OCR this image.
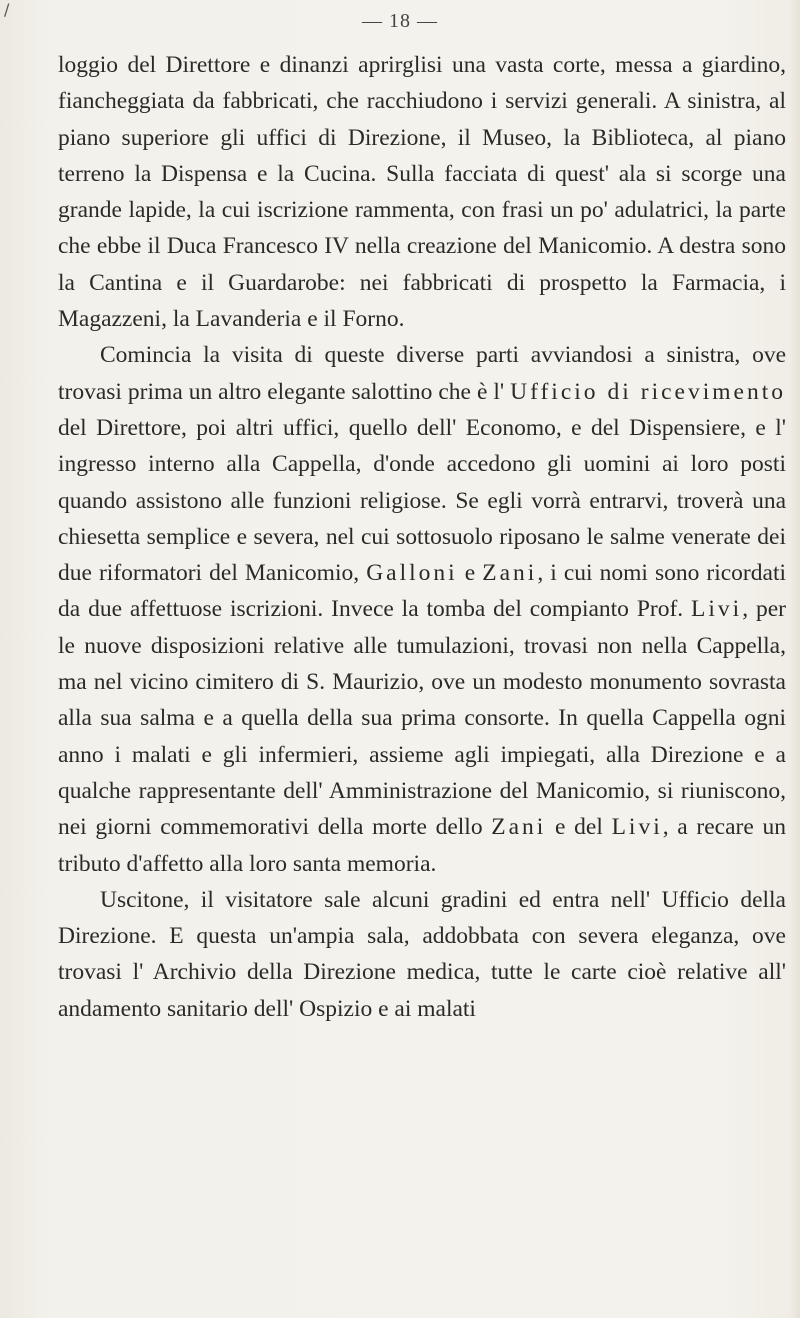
/
— 18 —

loggio del Direttore e dinanzi aprirglisi una vasta corte, messa a giardino, fiancheggiata da fabbricati, che racchiudono i servizi generali. A sinistra, al piano superiore gli uffici di Direzione, il Museo, la Biblioteca, al piano terreno la Dispensa e la Cucina. Sulla facciata di quest' ala si scorge una grande lapide, la cui iscrizione rammenta, con frasi un po' adulatrici, la parte che ebbe il Duca Francesco IV nella creazione del Manicomio. A destra sono la Cantina e il Guardarobe: nei fabbricati di prospetto la Farmacia, i Magazzeni, la Lavanderia e il Forno.

Comincia la visita di queste diverse parti avviandosi a sinistra, ove trovasi prima un altro elegante salottino che è l' Ufficio di ricevimento del Direttore, poi altri uffici, quello dell' Economo, e del Dispensiere, e l' ingresso interno alla Cappella, d'onde accedono gli uomini ai loro posti quando assistono alle funzioni religiose. Se egli vorrà entrarvi, troverà una chiesetta semplice e severa, nel cui sottosuolo riposano le salme venerate dei due riformatori del Manicomio, Galloni e Zani, i cui nomi sono ricordati da due affettuose iscrizioni. Invece la tomba del compianto Prof. Livi, per le nuove disposizioni relative alle tumulazioni, trovasi non nella Cappella, ma nel vicino cimitero di S. Maurizio, ove un modesto monumento sovrasta alla sua salma e a quella della sua prima consorte. In quella Cappella ogni anno i malati e gli infermieri, assieme agli impiegati, alla Direzione e a qualche rappresentante dell' Amministrazione del Manicomio, si riuniscono, nei giorni commemorativi della morte dello Zani e del Livi, a recare un tributo d'affetto alla loro santa memoria.

Uscitone, il visitatore sale alcuni gradini ed entra nell' Ufficio della Direzione. E questa un'ampia sala, addobbata con severa eleganza, ove trovasi l' Archivio della Direzione medica, tutte le carte cioè relative all' andamento sanitario dell' Ospizio e ai malati
